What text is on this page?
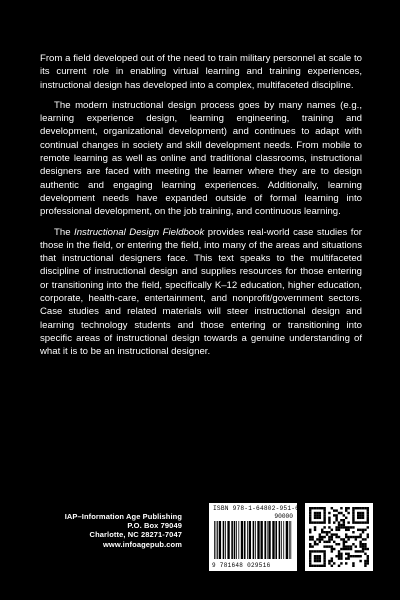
From a field developed out of the need to train military personnel at scale to its current role in enabling virtual learning and training experiences, instructional design has developed into a complex, multifaceted discipline.

The modern instructional design process goes by many names (e.g., learning experience design, learning engineering, training and development, organizational development) and continues to adapt with continual changes in society and skill development needs. From mobile to remote learning as well as online and traditional classrooms, instructional designers are faced with meeting the learner where they are to design authentic and engaging learning experiences. Additionally, learning development needs have expanded outside of formal learning into professional development, on the job training, and continuous learning.

The Instructional Design Fieldbook provides real-world case studies for those in the field, or entering the field, into many of the areas and situations that instructional designers face. This text speaks to the multifaceted discipline of instructional design and supplies resources for those entering or transitioning into the field, specifically K–12 education, higher education, corporate, health-care, entertainment, and nonprofit/government sectors. Case studies and related materials will steer instructional design and learning technology students and those entering or transitioning into specific areas of instructional design towards a genuine understanding of what it is to be an instructional designer.

IAP–Information Age Publishing
P.O. Box 79049
Charlotte, NC 28271-7047
www.infoagepub.com
ISBN 978-1-64802-951-6
90000
9 781648 029516
